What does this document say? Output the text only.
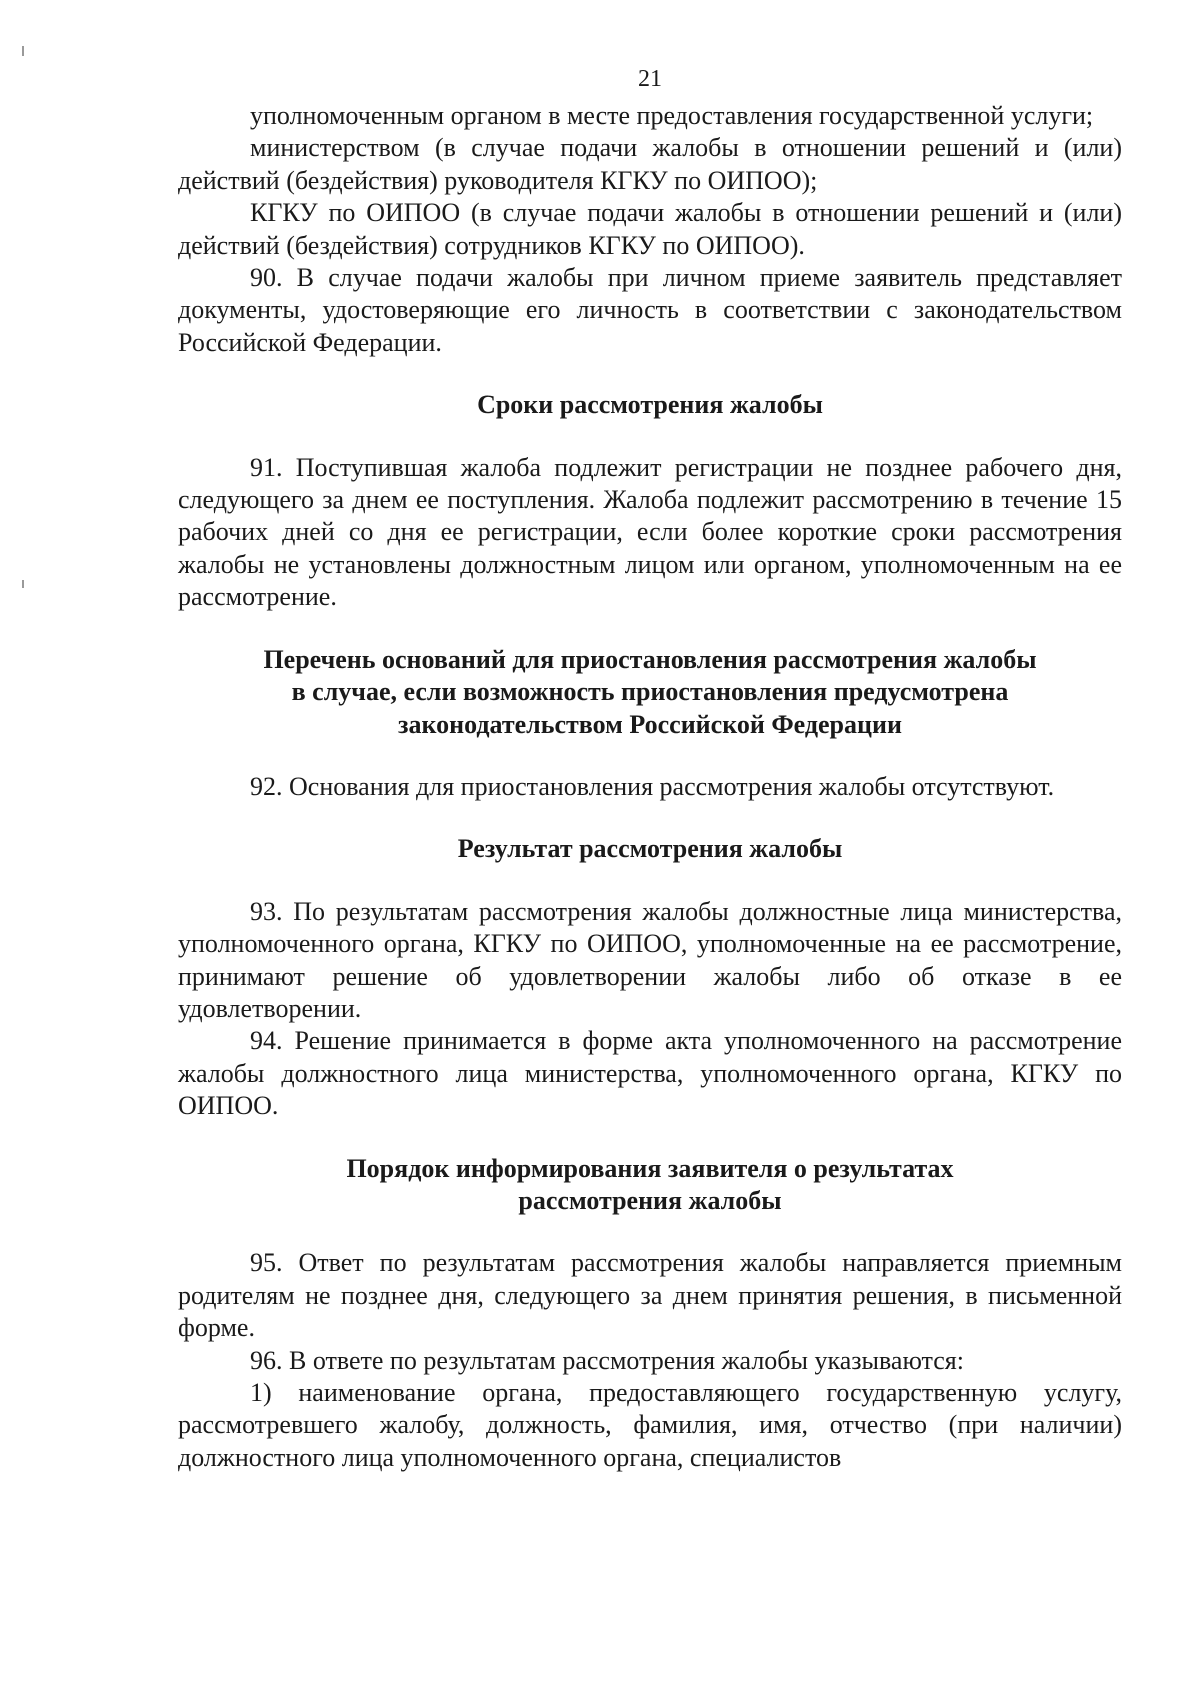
21

уполномоченным органом в месте предоставления государственной услуги;

министерством (в случае подачи жалобы в отношении решений и (или) действий (бездействия) руководителя КГКУ по ОИПОО);

КГКУ по ОИПОО (в случае подачи жалобы в отношении решений и (или) действий (бездействия) сотрудников КГКУ по ОИПОО).

90. В случае подачи жалобы при личном приеме заявитель представляет документы, удостоверяющие его личность в соответствии с законодательством Российской Федерации.

Сроки рассмотрения жалобы

91. Поступившая жалоба подлежит регистрации не позднее рабочего дня, следующего за днем ее поступления. Жалоба подлежит рассмотрению в течение 15 рабочих дней со дня ее регистрации, если более короткие сроки рассмотрения жалобы не установлены должностным лицом или органом, уполномоченным на ее рассмотрение.

Перечень оснований для приостановления рассмотрения жалобы
в случае, если возможность приостановления предусмотрена
законодательством Российской Федерации

92. Основания для приостановления рассмотрения жалобы отсутствуют.

Результат рассмотрения жалобы

93. По результатам рассмотрения жалобы должностные лица министерства, уполномоченного органа, КГКУ по ОИПОО, уполномоченные на ее рассмотрение, принимают решение об удовлетворении жалобы либо об отказе в ее удовлетворении.

94. Решение принимается в форме акта уполномоченного на рассмотрение жалобы должностного лица министерства, уполномоченного органа, КГКУ по ОИПОО.

Порядок информирования заявителя о результатах
рассмотрения жалобы

95. Ответ по результатам рассмотрения жалобы направляется приемным родителям не позднее дня, следующего за днем принятия решения, в письменной форме.

96. В ответе по результатам рассмотрения жалобы указываются:

1) наименование органа, предоставляющего государственную услугу, рассмотревшего жалобу, должность, фамилия, имя, отчество (при наличии) должностного лица уполномоченного органа, специалистов
